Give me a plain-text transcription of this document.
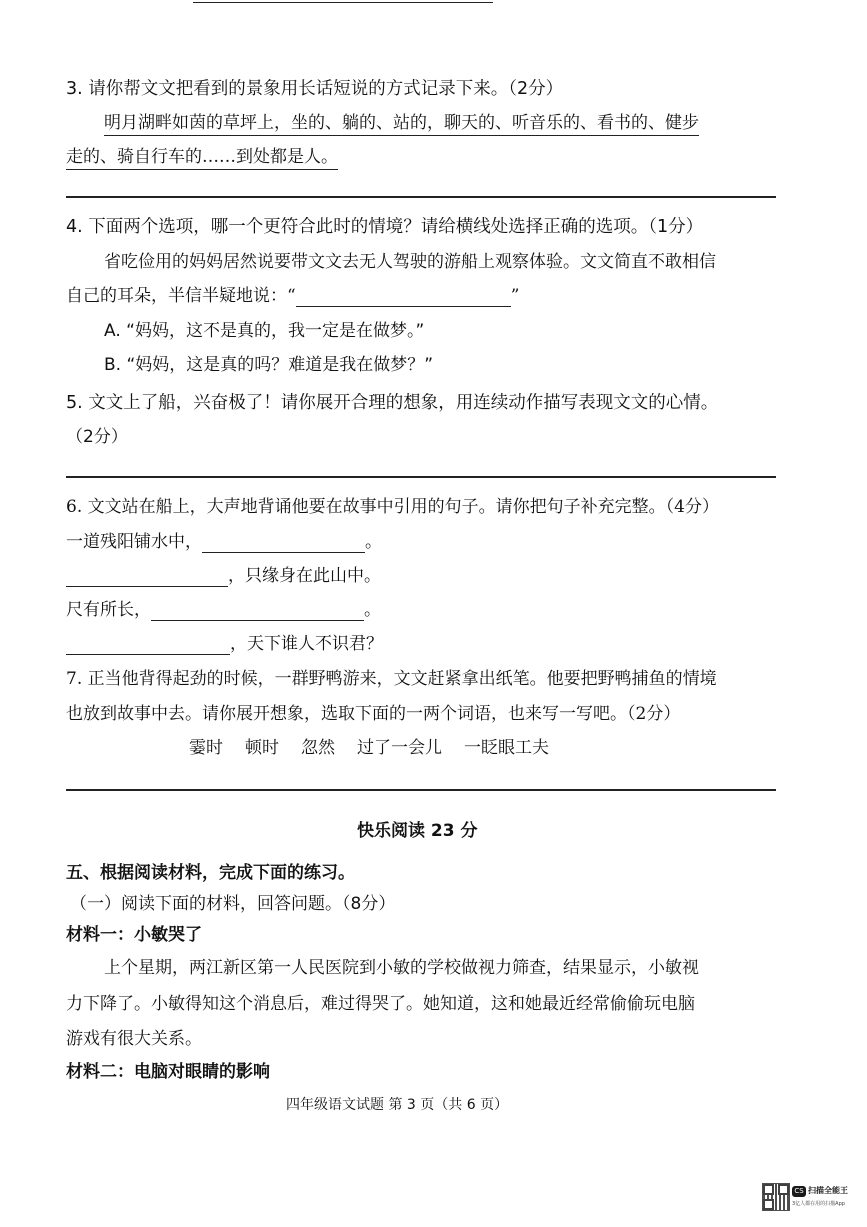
3. 请你帮文文把看到的景象用长话短说的方式记录下来。（2分）
明月湖畔如茵的草坪上，坐的、躺的、站的，聊天的、听音乐的、看书的、健步
走的、骑自行车的……到处都是人。
4. 下面两个选项，哪一个更符合此时的情境？请给横线处选择正确的选项。（1分）
省吃俭用的妈妈居然说要带文文去无人驾驶的游船上观察体验。文文简直不敢相信
自己的耳朵，半信半疑地说：“	”
A. “妈妈，这不是真的，我一定是在做梦。”
B. “妈妈，这是真的吗？难道是我在做梦？”
5. 文文上了船，兴奋极了！请你展开合理的想象，用连续动作描写表现文文的心情。
（2分）
6. 文文站在船上，大声地背诵他要在故事中引用的句子。请你把句子补充完整。（4分）
一道残阳铺水中，	。
，只缘身在此山中。
尺有所长，	。
，天下谁人不识君？
7. 正当他背得起劲的时候，一群野鸭游来，文文赶紧拿出纸笔。他要把野鸭捕鱼的情境
也放到故事中去。请你展开想象，选取下面的一两个词语，也来写一写吧。（2分）
霎时 顿时 忽然 过了一会儿 一眨眼工夫
快乐阅读 23 分
五、根据阅读材料，完成下面的练习。
（一）阅读下面的材料，回答问题。（8分）
材料一：小敏哭了
上个星期，两江新区第一人民医院到小敏的学校做视力筛查，结果显示，小敏视
力下降了。小敏得知这个消息后，难过得哭了。她知道，这和她最近经常偷偷玩电脑
游戏有很大关系。
材料二：电脑对眼睛的影响
四年级语文试题 第 3 页（共 6 页）
CS 扫描全能王
3亿人都在用的扫描App
